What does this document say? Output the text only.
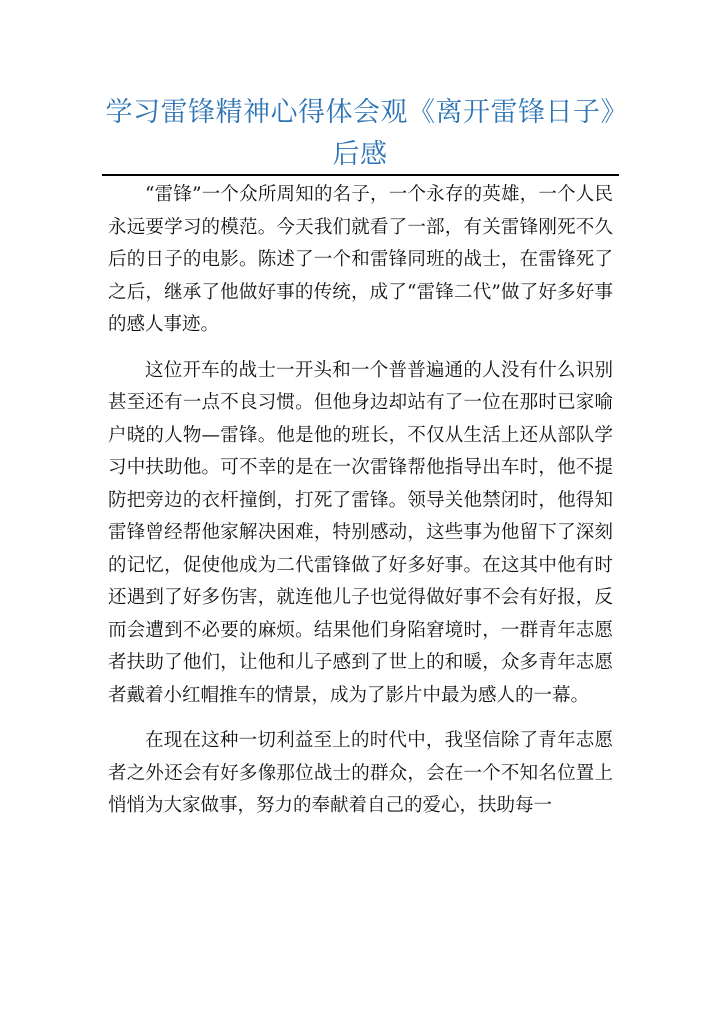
学习雷锋精神心得体会观《离开雷锋日子》后感

“雷锋”一个众所周知的名子，一个永存的英雄，一个人民永远要学习的模范。今天我们就看了一部，有关雷锋刚死不久后的日子的电影。陈述了一个和雷锋同班的战士，在雷锋死了之后，继承了他做好事的传统，成了“雷锋二代”做了好多好事的感人事迹。

这位开车的战士一开头和一个普普遍通的人没有什么识别甚至还有一点不良习惯。但他身边却站有了一位在那时已家喻户晓的人物—雷锋。他是他的班长，不仅从生活上还从部队学习中扶助他。可不幸的是在一次雷锋帮他指导出车时，他不提防把旁边的衣杆撞倒，打死了雷锋。领导关他禁闭时，他得知雷锋曾经帮他家解决困难，特别感动，这些事为他留下了深刻的记忆，促使他成为二代雷锋做了好多好事。在这其中他有时还遇到了好多伤害，就连他儿子也觉得做好事不会有好报，反而会遭到不必要的麻烦。结果他们身陷窘境时，一群青年志愿者扶助了他们，让他和儿子感到了世上的和暖，众多青年志愿者戴着小红帽推车的情景，成为了影片中最为感人的一幕。

在现在这种一切利益至上的时代中，我坚信除了青年志愿者之外还会有好多像那位战士的群众，会在一个不知名位置上悄悄为大家做事，努力的奉献着自己的爱心，扶助每一
